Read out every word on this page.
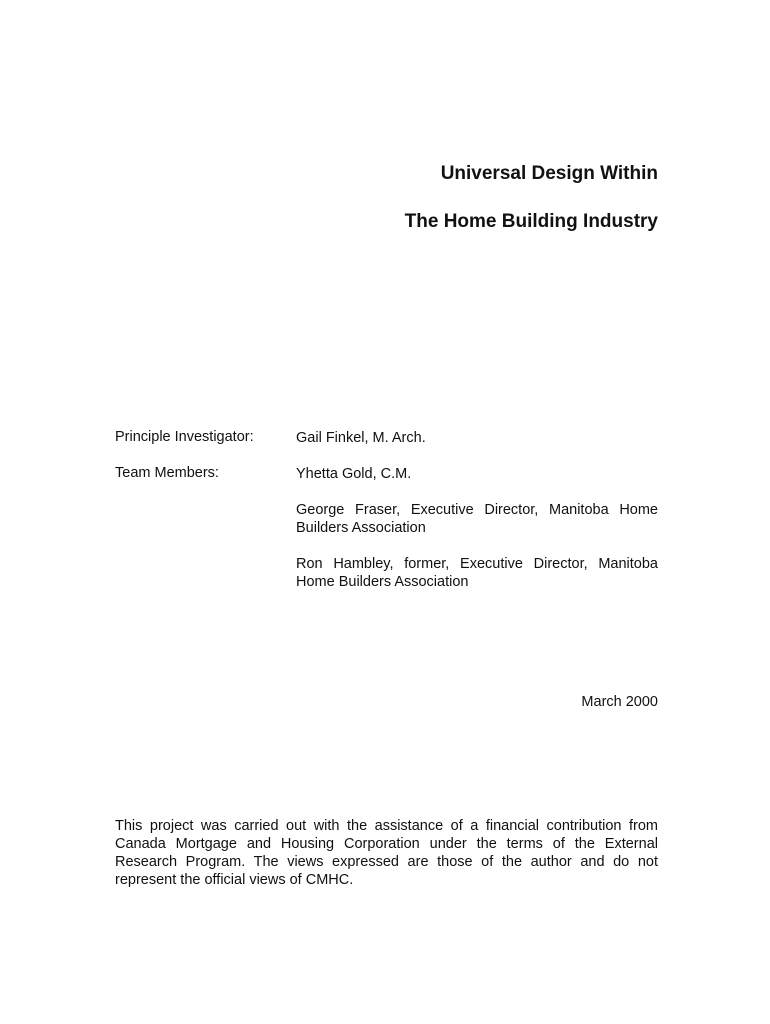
Universal Design Within
The Home Building Industry
Principle Investigator:	Gail Finkel, M. Arch.
Team Members:	Yhetta Gold, C.M.
George Fraser, Executive Director, Manitoba Home Builders Association
Ron Hambley, former, Executive Director, Manitoba Home Builders Association
March 2000
This project was carried out with the assistance of a financial contribution from Canada Mortgage and Housing Corporation under the terms of the External Research Program. The views expressed are those of the author and do not represent the official views of CMHC.
